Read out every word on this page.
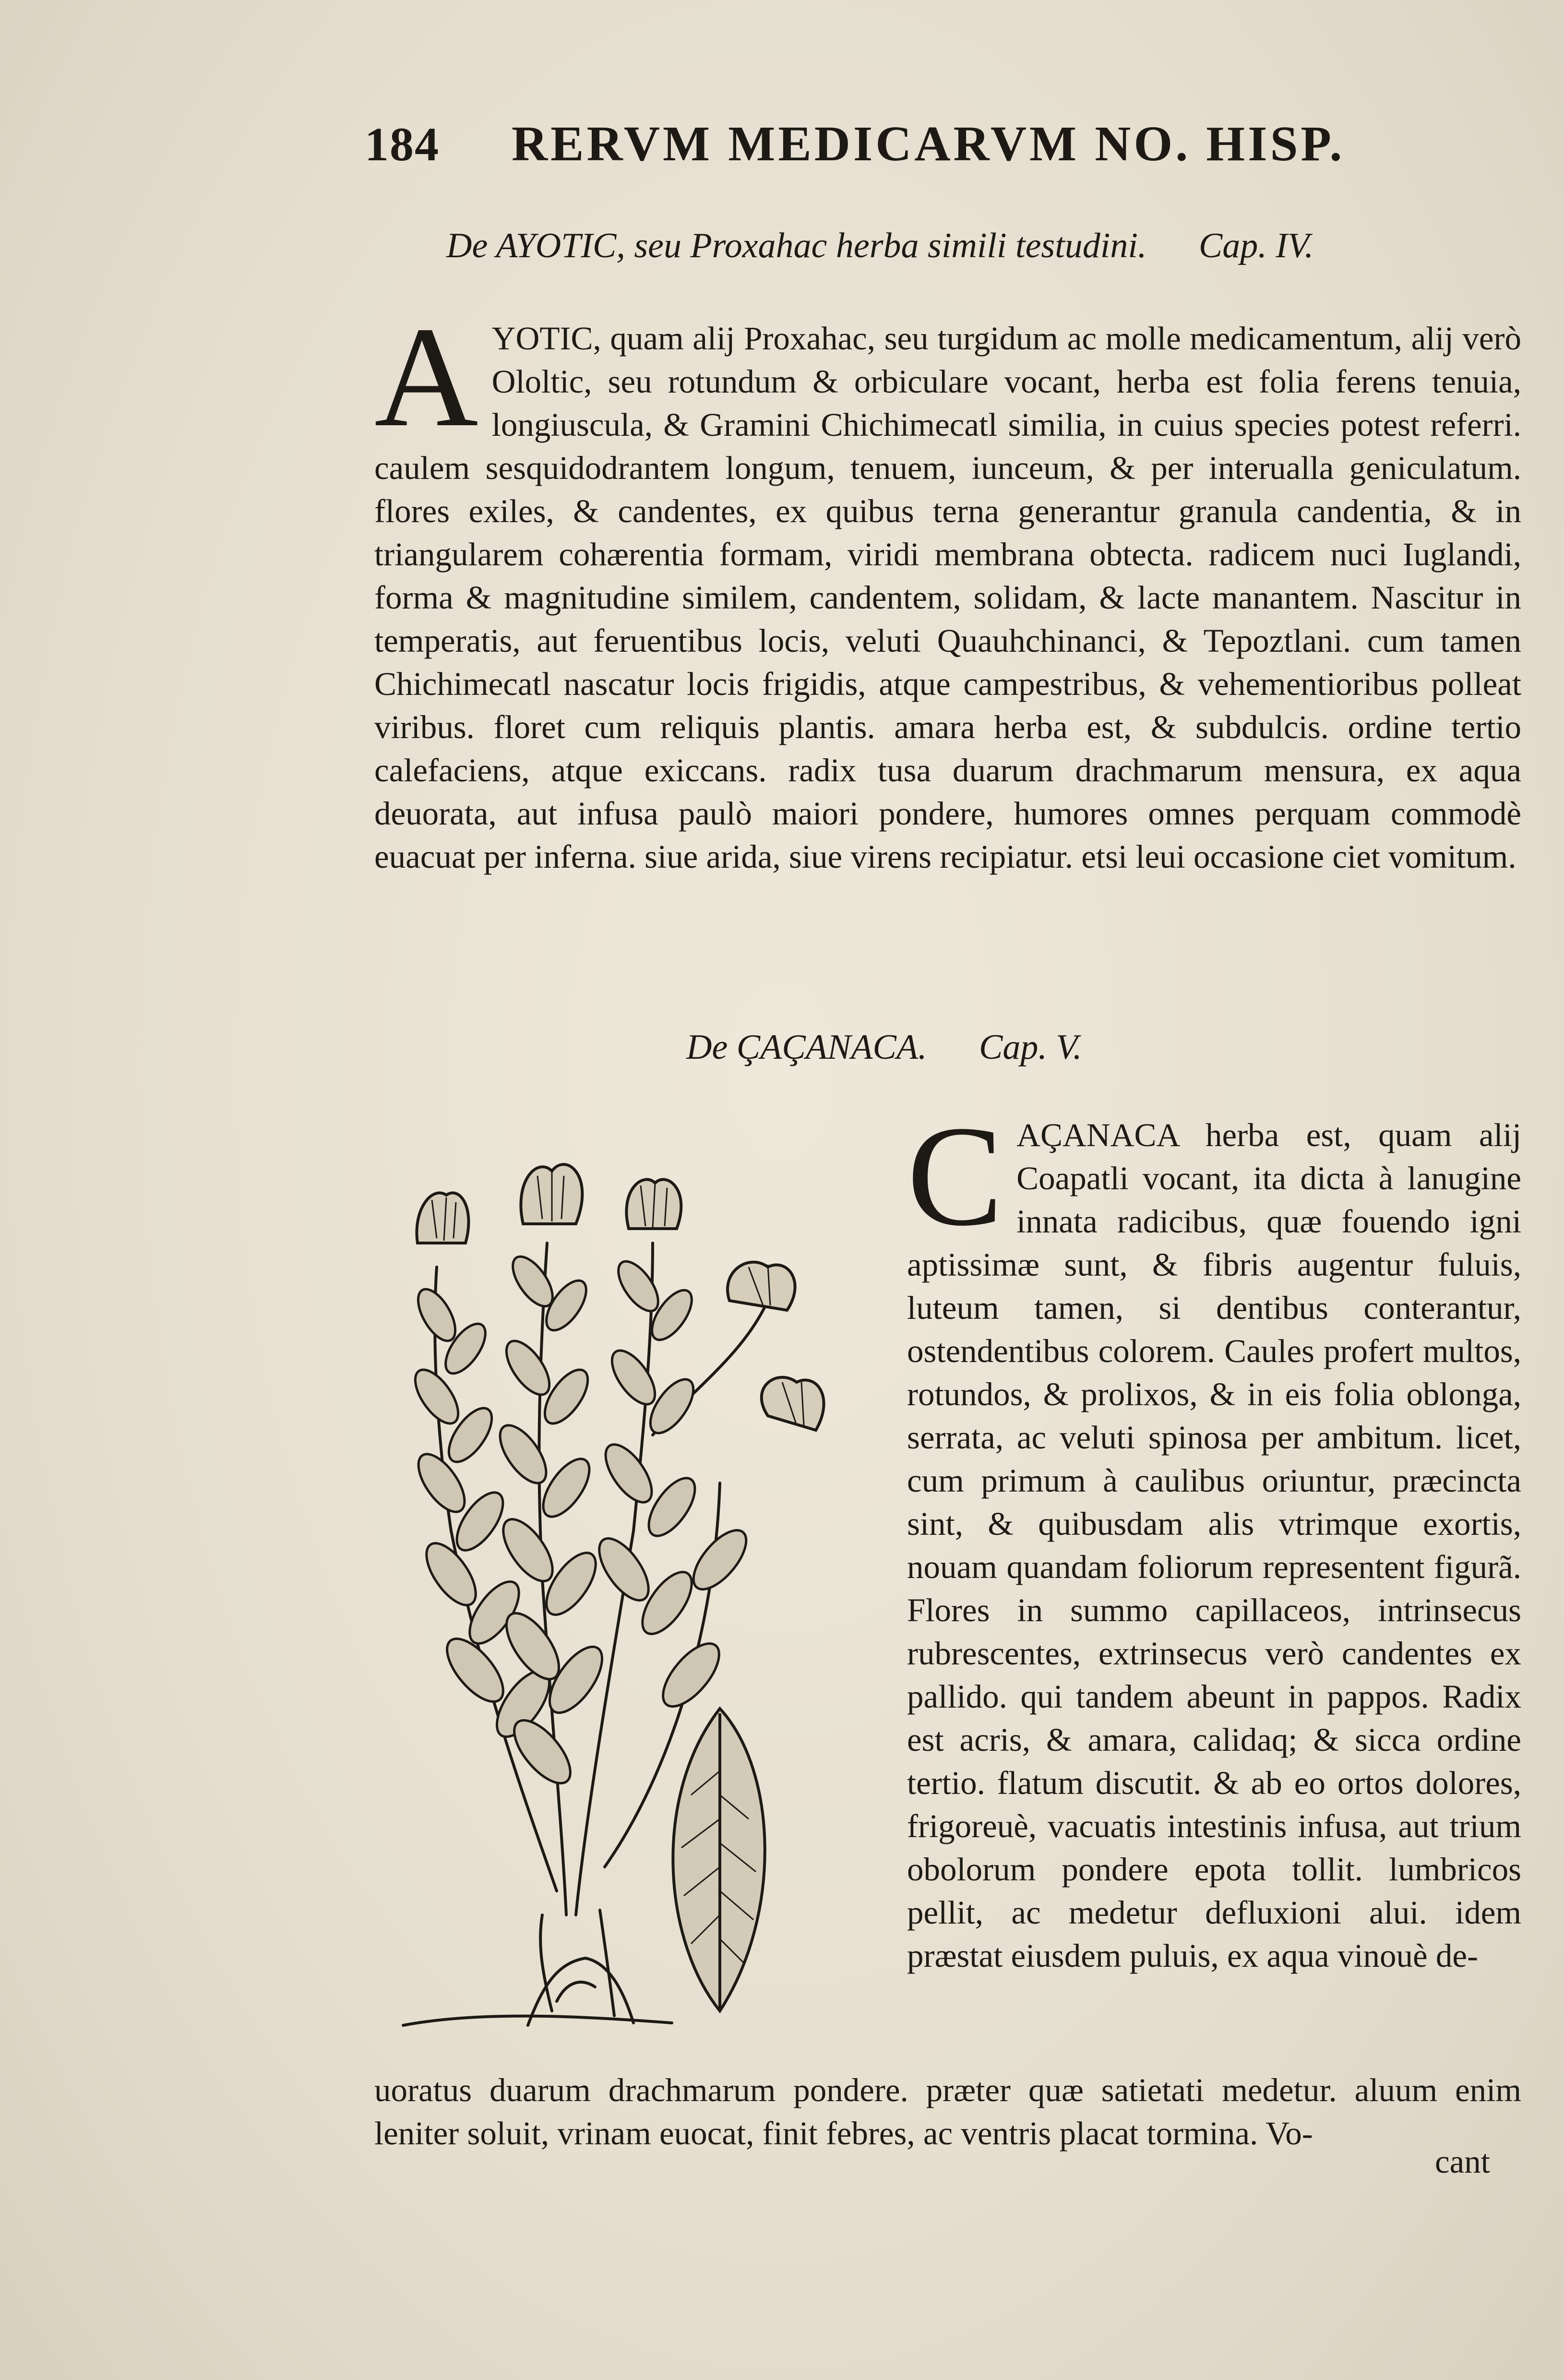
184 RERVM MEDICARVM NO. HISP.
De AYOTIC, seu Proxahac herba simili testudini. Cap. IV.
A YOTIC, quam alij Proxahac, seu turgidum ac molle medicamentum, alij verò Ololtic, seu rotundum & orbiculare vocant, herba est folia ferens tenuia, longiuscula, & Gramini Chichimecatl similia, in cuius species potest referri. caulem sesquidodrantem longum, tenuem, iunceum, & per interualla geniculatum. flores exiles, & candentes, ex quibus terna generantur granula candentia, & in triangularem cohærentia formam, viridi membrana obtecta. radicem nuci Iuglandi, forma & magnitudine similem, candentem, solidam, & lacte manantem. Nascitur in temperatis, aut feruentibus locis, veluti Quauhchinanci, & Tepoztlani. cum tamen Chichimecatl nascatur locis frigidis, atque campestribus, & vehementioribus polleat viribus. floret cum reliquis plantis. amara herba est, & subdulcis. ordine tertio calefaciens, atque exiccans. radix tusa duarum drachmarum mensura, ex aqua deuorata, aut infusa paulò maiori pondere, humores omnes perquam commodè euacuat per inferna. siue arida, siue virens recipiatur. etsi leui occasione ciet vomitum.

De ÇAÇANACA. Cap. V.
C AÇANACA herba est, quam alij Coapatli vocant, ita dicta à lanugine innata radicibus, quæ fouendo igni aptissimæ sunt, & fibris augentur fuluis, luteum tamen, si dentibus conterantur, ostendentibus colorem. Caules profert multos, rotundos, & prolixos, & in eis folia oblonga, serrata, ac veluti spinosa per ambitum. licet, cum primum à caulibus oriuntur, præcincta sint, & quibusdam alis vtrimque exortis, nouam quandam foliorum representent figurã. Flores in summo capillaceos, intrinsecus rubrescentes, extrinsecus verò candentes ex pallido. qui tandem abeunt in pappos. Radix est acris, & amara, calidaq; & sicca ordine tertio. flatum discutit. & ab eo ortos dolores, frigoreuè, vacuatis intestinis infusa, aut trium obolorum pondere epota tollit. lumbricos pellit, ac medetur defluxioni alui. idem præstat eiusdem puluis, ex aqua vinouè de-

uoratus duarum drachmarum pondere. præter quæ satietati medetur. aluum enim leniter soluit, vrinam euocat, finit febres, ac ventris placat tormina. Vo-

cant
